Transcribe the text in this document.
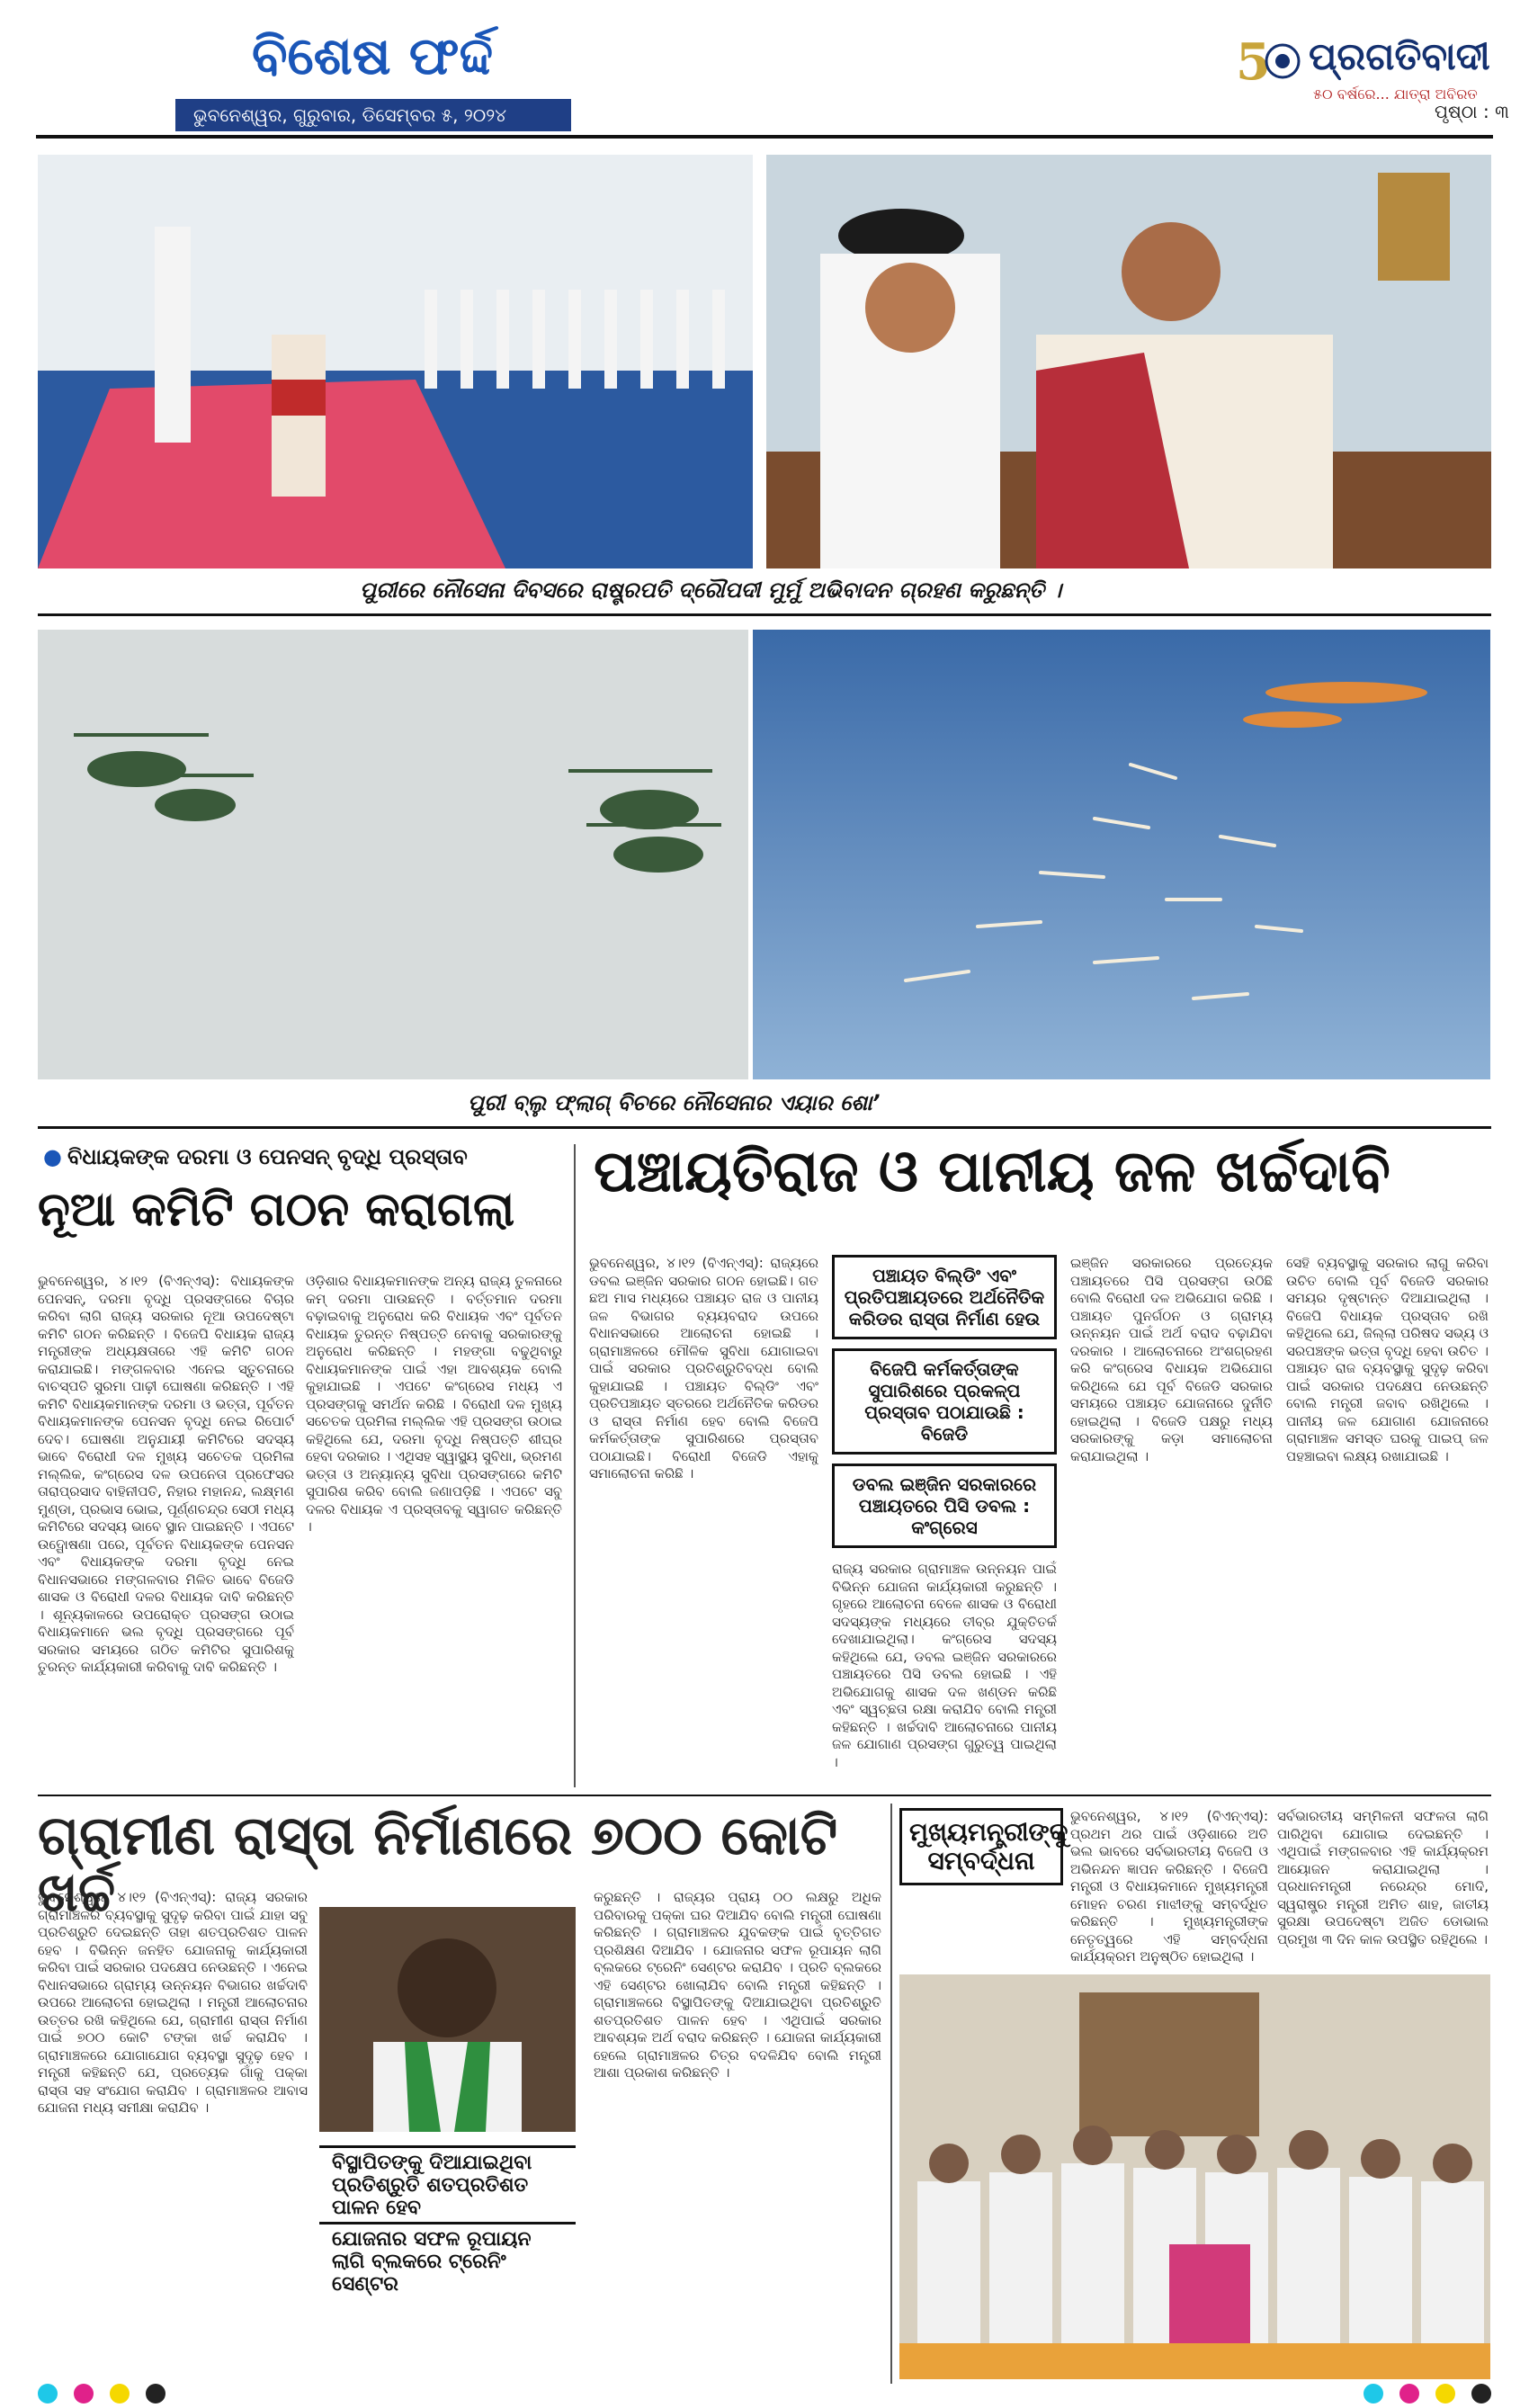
ବିଶେଷ ଫର୍ଦ୍ଦ
ଭୁବନେଶ୍ୱର, ଗୁରୁବାର, ଡିସେମ୍ବର ୫, ୨୦୨୪
5 ପ୍ରଗତିବାଦୀ
୫୦ ବର୍ଷରେ... ଯାତ୍ରା ଅବିରତ
ପୃଷ୍ଠା : ୩
ପୁରୀରେ ନୌସେନା ଦିବସରେ ରାଷ୍ଟ୍ରପତି ଦ୍ରୌପଦୀ ମୁର୍ମୁ ଅଭିବାଦନ ଗ୍ରହଣ କରୁଛନ୍ତି ।
ପୁରୀ ବ୍ଲୁ ଫ୍ଲାଗ୍ ବିଚରେ ନୌସେନାର ଏୟାର ଶୋ’
● ବିଧାୟକଙ୍କ ଦରମା ଓ ପେନସନ୍ ବୃଦ୍ଧି ପ୍ରସ୍ତାବ
ନୂଆ କମିଟି ଗଠନ କରାଗଲା
ଭୁବନେଶ୍ୱର, ୪।୧୨ (ବିଏନ୍ଏସ୍): ବିଧାୟକଙ୍କ ପେନସନ୍, ଦରମା ବୃଦ୍ଧି ପ୍ରସଙ୍ଗରେ ବିଚାର କରିବା ଲାଗି ରାଜ୍ୟ ସରକାର ନୂଆ ଉପଦେଷ୍ଟା କମିଟି ଗଠନ କରିଛନ୍ତି । ବିଜେପି ବିଧାୟକ ରାଜ୍ୟ ମନ୍ତ୍ରୀଙ୍କ ଅଧ୍ୟକ୍ଷତାରେ ଏହି କମିଟି ଗଠନ କରାଯାଇଛି। ମଙ୍ଗଳବାର ଏନେଇ ସ୍ତୁଚନାରେ ବାଚସ୍ପତି ସୁରମା ପାଢ଼ୀ ଘୋଷଣା କରିଛନ୍ତି । ଏହି କମିଟି ବିଧାୟକମାନଙ୍କ ଦରମା ଓ ଭତ୍ତା, ପୂର୍ବତନ ବିଧାୟକମାନଙ୍କ ପେନସନ ବୃଦ୍ଧି ନେଇ ରିପୋର୍ଟ ଦେବ। ଘୋଷଣା ଅନୁଯାୟୀ କମିଟିରେ ସଦସ୍ୟ ଭାବେ ବିରୋଧୀ ଦଳ ମୁଖ୍ୟ ସଚେତକ ପ୍ରମିଳା ମଲ୍ଲିକ, କଂଗ୍ରେସ ଦଳ ଉପନେତା ପ୍ରଫେସର ତାରାପ୍ରସାଦ ବାହିନୀପତି, ନିହାର ମହାନନ୍ଦ, ଲକ୍ଷ୍ମଣ ମୁଣ୍ଡା, ପ୍ରଭାସ ଭୋଇ, ପୂର୍ଣ୍ଣଚନ୍ଦ୍ର ସେଠୀ ମଧ୍ୟ କମିଟିରେ ସଦସ୍ୟ ଭାବେ ସ୍ଥାନ ପାଇଛନ୍ତି । ଏପଟେ ଉଦ୍ଘୋଷଣା ପରେ, ପୂର୍ବତନ ବିଧାୟକଙ୍କ ପେନସନ ଏବଂ ବିଧାୟକଙ୍କ ଦରମା ବୃଦ୍ଧି ନେଇ ବିଧାନସଭାରେ ମଙ୍ଗଳବାର ମିଳିତ ଭାବେ ବିଜେଡି ଶାସକ ଓ ବିରୋଧୀ ଦଳର ବିଧାୟକ ଦାବି କରିଛନ୍ତି । ଶୂନ୍ୟକାଳରେ ଉପରୋକ୍ତ ପ୍ରସଙ୍ଗ ଉଠାଇ ବିଧାୟକମାନେ ଭଲ ବୃଦ୍ଧି ପ୍ରସଙ୍ଗରେ ପୂର୍ବ ସରକାର ସମୟରେ ଗଠିତ କମିଟିର ସୁପାରିଶକୁ ତୁରନ୍ତ କାର୍ଯ୍ୟକାରୀ କରିବାକୁ ଦାବି କରିଛନ୍ତି ।
ଓଡ଼ିଶାର ବିଧାୟକମାନଙ୍କ ଅନ୍ୟ ରାଜ୍ୟ ତୁଳନାରେ କମ୍ ଦରମା ପାଉଛନ୍ତି । ବର୍ତ୍ତମାନ ଦରମା ବଢ଼ାଇବାକୁ ଅନୁରୋଧ କରି ବିଧାୟକ ଏବଂ ପୂର୍ବତନ ବିଧାୟକ ତୁରନ୍ତ ନିଷ୍ପତ୍ତି ନେବାକୁ ସରକାରଙ୍କୁ ଅନୁରୋଧ କରିଛନ୍ତି । ମହଙ୍ଗା ବଢୁଥିବାରୁ ବିଧାୟକମାନଙ୍କ ପାଇଁ ଏହା ଆବଶ୍ୟକ ବୋଲି କୁହାଯାଇଛି । ଏପଟେ କଂଗ୍ରେସ ମଧ୍ୟ ଏ ପ୍ରସଙ୍ଗକୁ ସମର୍ଥନ କରିଛି । ବିରୋଧୀ ଦଳ ମୁଖ୍ୟ ସଚେତକ ପ୍ରମିଳା ମଲ୍ଲିକ ଏହି ପ୍ରସଙ୍ଗ ଉଠାଇ କହିଥିଲେ ଯେ, ଦରମା ବୃଦ୍ଧି ନିଷ୍ପତ୍ତି ଶୀଘ୍ର ହେବା ଦରକାର । ଏଥିସହ ସ୍ୱାସ୍ଥ୍ୟ ସୁବିଧା, ଭ୍ରମଣ ଭତ୍ତା ଓ ଅନ୍ୟାନ୍ୟ ସୁବିଧା ପ୍ରସଙ୍ଗରେ କମିଟି ସୁପାରିଶ କରିବ ବୋଲି ଜଣାପଡ଼ିଛି । ଏପଟେ ସବୁ ଦଳର ବିଧାୟକ ଏ ପ୍ରସ୍ତାବକୁ ସ୍ୱାଗତ କରିଛନ୍ତି ।
ପଞ୍ଚାୟତିରାଜ ଓ ପାନୀୟ ଜଳ ଖର୍ଚ୍ଚଦାବି
ଭୁବନେଶ୍ୱର, ୪।୧୨ (ବିଏନ୍ଏସ୍): ରାଜ୍ୟରେ ଡବଲ ଇଞ୍ଜିନ ସରକାର ଗଠନ ହୋଇଛି। ଗତ ଛଅ ମାସ ମଧ୍ୟରେ ପଞ୍ଚାୟତ ରାଜ ଓ ପାନୀୟ ଜଳ ବିଭାଗର ବ୍ୟୟବରାଦ ଉପରେ ବିଧାନସଭାରେ ଆଲୋଚନା ହୋଇଛି । ଗ୍ରାମାଞ୍ଚଳରେ ମୌଳିକ ସୁବିଧା ଯୋଗାଇବା ପାଇଁ ସରକାର ପ୍ରତିଶ୍ରୁତିବଦ୍ଧ ବୋଲି କୁହାଯାଇଛି । ପଞ୍ଚାୟତ ବିଲ୍ଡିଂ ଏବଂ ପ୍ରତିପଞ୍ଚାୟତ ସ୍ତରରେ ଅର୍ଥନୈତିକ କରିଡର ଓ ରାସ୍ତା ନିର୍ମାଣ ହେବ ବୋଲି ବିଜେପି କର୍ମକର୍ତ୍ତାଙ୍କ ସୁପାରିଶରେ ପ୍ରସ୍ତାବ ପଠାଯାଇଛି। ବିରୋଧୀ ବିଜେଡି ଏହାକୁ ସମାଲୋଚନା କରିଛି ।
ପଞ୍ଚାୟତ ବିଲ୍ଡିଂ ଏବଂ ପ୍ରତିପଞ୍ଚାୟତରେ ଅର୍ଥନୈତିକ କରିଡର ରାସ୍ତା ନିର୍ମାଣ ହେଉ
ବିଜେପି କର୍ମକର୍ତ୍ତାଙ୍କ ସୁପାରିଶରେ ପ୍ରକଳ୍ପ ପ୍ରସ୍ତାବ ପଠାଯାଉଛି : ବିଜେଡି
ଡବଲ ଇଞ୍ଜିନ ସରକାରରେ ପଞ୍ଚାୟତରେ ପିସି ଡବଲ : କଂଗ୍ରେସ
ରାଜ୍ୟ ସରକାର ଗ୍ରାମାଞ୍ଚଳ ଉନ୍ନୟନ ପାଇଁ ବିଭିନ୍ନ ଯୋଜନା କାର୍ଯ୍ୟକାରୀ କରୁଛନ୍ତି । ଗୃହରେ ଆଲୋଚନା ବେଳେ ଶାସକ ଓ ବିରୋଧୀ ସଦସ୍ୟଙ୍କ ମଧ୍ୟରେ ତୀବ୍ର ଯୁକ୍ତିତର୍କ ଦେଖାଯାଇଥିଲା। କଂଗ୍ରେସ ସଦସ୍ୟ କହିଥିଲେ ଯେ, ଡବଲ ଇଞ୍ଜିନ ସରକାରରେ ପଞ୍ଚାୟତରେ ପିସି ଡବଲ ହୋଇଛି । ଏହି ଅଭିଯୋଗକୁ ଶାସକ ଦଳ ଖଣ୍ଡନ କରିଛି ଏବଂ ସ୍ୱଚ୍ଛତା ରକ୍ଷା କରାଯିବ ବୋଲି ମନ୍ତ୍ରୀ କହିଛନ୍ତି । ଖର୍ଚ୍ଚଦାବି ଆଲୋଚନାରେ ପାନୀୟ ଜଳ ଯୋଗାଣ ପ୍ରସଙ୍ଗ ଗୁରୁତ୍ୱ ପାଇଥିଲା ।
ଇଞ୍ଜିନ ସରକାରରେ ପ୍ରତ୍ୟେକ ପଞ୍ଚାୟତରେ ପିସି ପ୍ରସଙ୍ଗ ଉଠିଛି ବୋଲି ବିରୋଧୀ ଦଳ ଅଭିଯୋଗ କରିଛି । ପଞ୍ଚାୟତ ପୁନର୍ଗଠନ ଓ ଗ୍ରାମ୍ୟ ଉନ୍ନୟନ ପାଇଁ ଅର୍ଥ ବରାଦ ବଢ଼ାଯିବା ଦରକାର । ଆଲୋଚନାରେ ଅଂଶଗ୍ରହଣ କରି କଂଗ୍ରେସ ବିଧାୟକ ଅଭିଯୋଗ କରିଥିଲେ ଯେ ପୂର୍ବ ବିଜେଡି ସରକାର ସମୟରେ ପଞ୍ଚାୟତ ଯୋଜନାରେ ଦୁର୍ନୀତି ହୋଇଥିଲା । ବିଜେଡି ପକ୍ଷରୁ ମଧ୍ୟ ସରକାରଙ୍କୁ କଡ଼ା ସମାଲୋଚନା କରାଯାଇଥିଲା ।
ସେହି ବ୍ୟବସ୍ଥାକୁ ସରକାର ଲାଗୁ କରିବା ଉଚିତ ବୋଲି ପୂର୍ବ ବିଜେଡି ସରକାର ସମୟର ଦୃଷ୍ଟାନ୍ତ ଦିଆଯାଇଥିଲା । ବିଜେପି ବିଧାୟକ ପ୍ରସ୍ତାବ ରଖି କହିଥିଲେ ଯେ, ଜିଲ୍ଲା ପରିଷଦ ସଭ୍ୟ ଓ ସରପଞ୍ଚଙ୍କ ଭତ୍ତା ବୃଦ୍ଧି ହେବା ଉଚିତ । ପଞ୍ଚାୟତ ରାଜ ବ୍ୟବସ୍ଥାକୁ ସୁଦୃଢ଼ କରିବା ପାଇଁ ସରକାର ପଦକ୍ଷେପ ନେଉଛନ୍ତି ବୋଲି ମନ୍ତ୍ରୀ ଜବାବ ରଖିଥିଲେ । ପାନୀୟ ଜଳ ଯୋଗାଣ ଯୋଜନାରେ ଗ୍ରାମାଞ୍ଚଳ ସମସ୍ତ ଘରକୁ ପାଇପ୍ ଜଳ ପହଞ୍ଚାଇବା ଲକ୍ଷ୍ୟ ରଖାଯାଇଛି ।
ଗ୍ରାମୀଣ ରାସ୍ତା ନିର୍ମାଣରେ ୭୦୦ କୋଟି ଖର୍ଚ୍ଚ
ଭୁବନେଶ୍ୱର, ୪।୧୨ (ବିଏନ୍ଏସ୍): ରାଜ୍ୟ ସରକାର ଗ୍ରାମାଞ୍ଚଳର ବ୍ୟବସ୍ଥାକୁ ସୁଦୃଢ଼ କରିବା ପାଇଁ ଯାହା ସବୁ ପ୍ରତିଶ୍ରୁତି ଦେଇଛନ୍ତି ତାହା ଶତପ୍ରତିଶତ ପାଳନ ହେବ । ବିଭିନ୍ନ ଜନହିତ ଯୋଜନାକୁ କାର୍ଯ୍ୟକାରୀ କରିବା ପାଇଁ ସରକାର ପଦକ୍ଷେପ ନେଉଛନ୍ତି । ଏନେଇ ବିଧାନସଭାରେ ଗ୍ରାମ୍ୟ ଉନ୍ନୟନ ବିଭାଗର ଖର୍ଚ୍ଚଦାବି ଉପରେ ଆଲୋଚନା ହୋଇଥିଲା । ମନ୍ତ୍ରୀ ଆଲୋଚନାର ଉତ୍ତର ରଖି କହିଥିଲେ ଯେ, ଗ୍ରାମୀଣ ରାସ୍ତା ନିର୍ମାଣ ପାଇଁ ୭୦୦ କୋଟି ଟଙ୍କା ଖର୍ଚ୍ଚ କରାଯିବ । ଗ୍ରାମାଞ୍ଚଳରେ ଯୋଗାଯୋଗ ବ୍ୟବସ୍ଥା ସୁଦୃଢ଼ ହେବ । ମନ୍ତ୍ରୀ କହିଛନ୍ତି ଯେ, ପ୍ରତ୍ୟେକ ଗାଁକୁ ପକ୍କା ରାସ୍ତା ସହ ସଂଯୋଗ କରାଯିବ । ଗ୍ରାମାଞ୍ଚଳର ଆବାସ ଯୋଜନା ମଧ୍ୟ ସମୀକ୍ଷା କରାଯିବ ।
ବିସ୍ଥାପିତଙ୍କୁ ଦିଆଯାଇଥିବା ପ୍ରତିଶ୍ରୁତି ଶତପ୍ରତିଶତ ପାଳନ ହେବ
ଯୋଜନାର ସଫଳ ରୂପାୟନ ଲାଗି ବ୍ଲକରେ ଟ୍ରେନିଂ ସେଣ୍ଟର
କରୁଛନ୍ତି । ରାଜ୍ୟର ପ୍ରାୟ ୦୦ ଲକ୍ଷରୁ ଅଧିକ ପରିବାରକୁ ପକ୍କା ଘର ଦିଆଯିବ ବୋଲି ମନ୍ତ୍ରୀ ଘୋଷଣା କରିଛନ୍ତି । ଗ୍ରାମାଞ୍ଚଳର ଯୁବକଙ୍କ ପାଇଁ ବୃତ୍ତିଗତ ପ୍ରଶିକ୍ଷଣ ଦିଆଯିବ । ଯୋଜନାର ସଫଳ ରୂପାୟନ ଲାଗି ବ୍ଲକରେ ଟ୍ରେନିଂ ସେଣ୍ଟର କରାଯିବ । ପ୍ରତି ବ୍ଲକରେ ଏହି ସେଣ୍ଟର ଖୋଲାଯିବ ବୋଲି ମନ୍ତ୍ରୀ କହିଛନ୍ତି । ଗ୍ରାମାଞ୍ଚଳରେ ବିସ୍ଥାପିତଙ୍କୁ ଦିଆଯାଇଥିବା ପ୍ରତିଶ୍ରୁତି ଶତପ୍ରତିଶତ ପାଳନ ହେବ । ଏଥିପାଇଁ ସରକାର ଆବଶ୍ୟକ ଅର୍ଥ ବରାଦ କରିଛନ୍ତି । ଯୋଜନା କାର୍ଯ୍ୟକାରୀ ହେଲେ ଗ୍ରାମାଞ୍ଚଳର ଚିତ୍ର ବଦଳିଯିବ ବୋଲି ମନ୍ତ୍ରୀ ଆଶା ପ୍ରକାଶ କରିଛନ୍ତି ।
ମୁଖ୍ୟମନ୍ତ୍ରୀଙ୍କୁ ସମ୍ବର୍ଦ୍ଧନା
ଭୁବନେଶ୍ୱର, ୪।୧୨ (ବିଏନ୍ଏସ୍): ପ୍ରଥମ ଥର ପାଇଁ ଓଡ଼ିଶାରେ ଅତି ଭଲ ଭାବରେ ସର୍ବଭାରତୀୟ ବିଜେପି ଓ ଅଭିନନ୍ଦନ ଜ୍ଞାପନ କରିଛନ୍ତି । ବିଜେପି ମନ୍ତ୍ରୀ ଓ ବିଧାୟକମାନେ ମୁଖ୍ୟମନ୍ତ୍ରୀ ମୋହନ ଚରଣ ମାଝୀଙ୍କୁ ସମ୍ବର୍ଦ୍ଧିତ କରିଛନ୍ତି । ମୁଖ୍ୟମନ୍ତ୍ରୀଙ୍କ ନେତୃତ୍ୱରେ ଏହି ସମ୍ବର୍ଦ୍ଧନା କାର୍ଯ୍ୟକ୍ରମ ଅନୁଷ୍ଠିତ ହୋଇଥିଲା ।
ସର୍ବଭାରତୀୟ ସମ୍ମିଳନୀ ସଫଳତା ଲାଗି ପାରିଥିବା ଯୋଗାଇ ଦେଇଛନ୍ତି । ଏଥିପାଇଁ ମଙ୍ଗଳବାର ଏହି କାର୍ଯ୍ୟକ୍ରମ ଆୟୋଜନ କରାଯାଇଥିଲା । ପ୍ରଧାନମନ୍ତ୍ରୀ ନରେନ୍ଦ୍ର ମୋଦି, ସ୍ୱରାଷ୍ଟ୍ର ମନ୍ତ୍ରୀ ଅମିତ ଶାହ, ଜାତୀୟ ସୁରକ୍ଷା ଉପଦେଷ୍ଟା ଅଜିତ ଡୋଭାଲ ପ୍ରମୁଖ ୩ ଦିନ କାଳ ଉପସ୍ଥିତ ରହିଥିଲେ ।
